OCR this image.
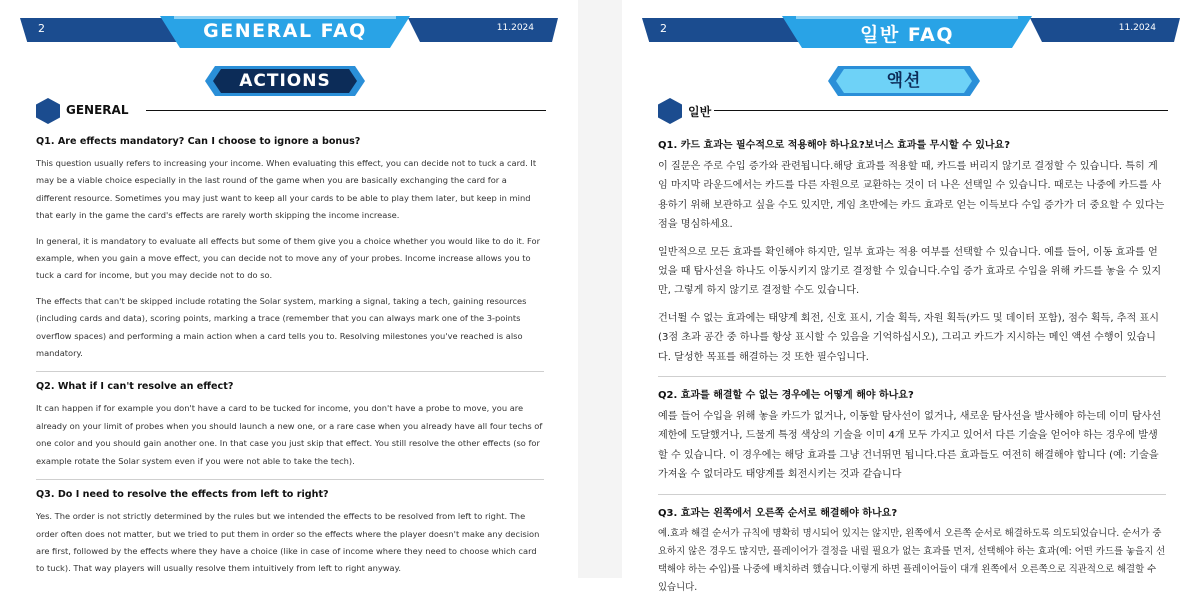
2	11.2024
GENERAL FAQ
ACTIONS
GENERAL
Q1. Are effects mandatory? Can I choose to ignore a bonus?

This question usually refers to increasing your income. When evaluating this effect, you can decide not to tuck a card. It may be a viable choice especially in the last round of the game when you are basically exchanging the card for a different resource. Sometimes you may just want to keep all your cards to be able to play them later, but keep in mind that early in the game the card's effects are rarely worth skipping the income increase.

In general, it is mandatory to evaluate all effects but some of them give you a choice whether you would like to do it. For example, when you gain a move effect, you can decide not to move any of your probes. Income increase allows you to tuck a card for income, but you may decide not to do so.

The effects that can't be skipped include rotating the Solar system, marking a signal, taking a tech, gaining resources (including cards and data), scoring points, marking a trace (remember that you can always mark one of the 3-points overflow spaces) and performing a main action when a card tells you to. Resolving milestones you've reached is also mandatory.

Q2. What if I can't resolve an effect?

It can happen if for example you don't have a card to be tucked for income, you don't have a probe to move, you are already on your limit of probes when you should launch a new one, or a rare case when you already have all four techs of one color and you should gain another one. In that case you just skip that effect. You still resolve the other effects (so for example rotate the Solar system even if you were not able to take the tech).

Q3. Do I need to resolve the effects from left to right?

Yes. The order is not strictly determined by the rules but we intended the effects to be resolved from left to right. The order often does not matter, but we tried to put them in order so the effects where the player doesn't make any decision are first, followed by the effects where they have a choice (like in case of income where they need to choose which card to tuck). That way players will usually resolve them intuitively from left to right anyway.

2	11.2024
일반 FAQ
액션
일반
Q1. 카드 효과는 필수적으로 적용해야 하나요?보너스 효과를 무시할 수 있나요?

이 질문은 주로 수입 증가와 관련됩니다.해당 효과를 적용할 때, 카드를 버리지 않기로 결정할 수 있습니다. 특히 게임 마지막 라운드에서는 카드를 다른 자원으로 교환하는 것이 더 나은 선택일 수 있습니다. 때로는 나중에 카드를 사용하기 위해 보관하고 싶을 수도 있지만, 게임 초반에는 카드 효과로 얻는 이득보다 수입 증가가 더 중요할 수 있다는 점을 명심하세요.

일반적으로 모든 효과를 확인해야 하지만, 일부 효과는 적용 여부를 선택할 수 있습니다. 예를 들어, 이동 효과를 얻었을 때 탐사선을 하나도 이동시키지 않기로 결정할 수 있습니다.수입 증가 효과로 수입을 위해 카드를 놓을 수 있지만, 그렇게 하지 않기로 결정할 수도 있습니다.

건너뛸 수 없는 효과에는 태양계 회전, 신호 표시, 기술 획득, 자원 획득(카드 및 데이터 포함), 점수 획득, 추적 표시(3점 초과 공간 중 하나를 항상 표시할 수 있음을 기억하십시오), 그리고 카드가 지시하는 메인 액션 수행이 있습니다. 달성한 목표를 해결하는 것 또한 필수입니다.

Q2. 효과를 해결할 수 없는 경우에는 어떻게 해야 하나요?

예를 들어 수입을 위해 놓을 카드가 없거나, 이동할 탐사선이 없거나, 새로운 탐사선을 발사해야 하는데 이미 탐사선 제한에 도달했거나, 드물게 특정 색상의 기술을 이미 4개 모두 가지고 있어서 다른 기술을 얻어야 하는 경우에 발생할 수 있습니다. 이 경우에는 해당 효과를 그냥 건너뛰면 됩니다.다른 효과들도 여전히 해결해야 합니다 (예: 기술을 가져올 수 없더라도 태양계를 회전시키는 것과 같습니다

Q3. 효과는 왼쪽에서 오른쪽 순서로 해결해야 하나요?

예.효과 해결 순서가 규칙에 명확히 명시되어 있지는 않지만, 왼쪽에서 오른쪽 순서로 해결하도록 의도되었습니다. 순서가 중요하지 않은 경우도 많지만, 플레이어가 결정을 내릴 필요가 없는 효과를 먼저, 선택해야 하는 효과(예: 어떤 카드를 놓을지 선택해야 하는 수입)를 나중에 배치하려 했습니다.이렇게 하면 플레이어들이 대개 왼쪽에서 오른쪽으로 직관적으로 해결할 수 있습니다.
